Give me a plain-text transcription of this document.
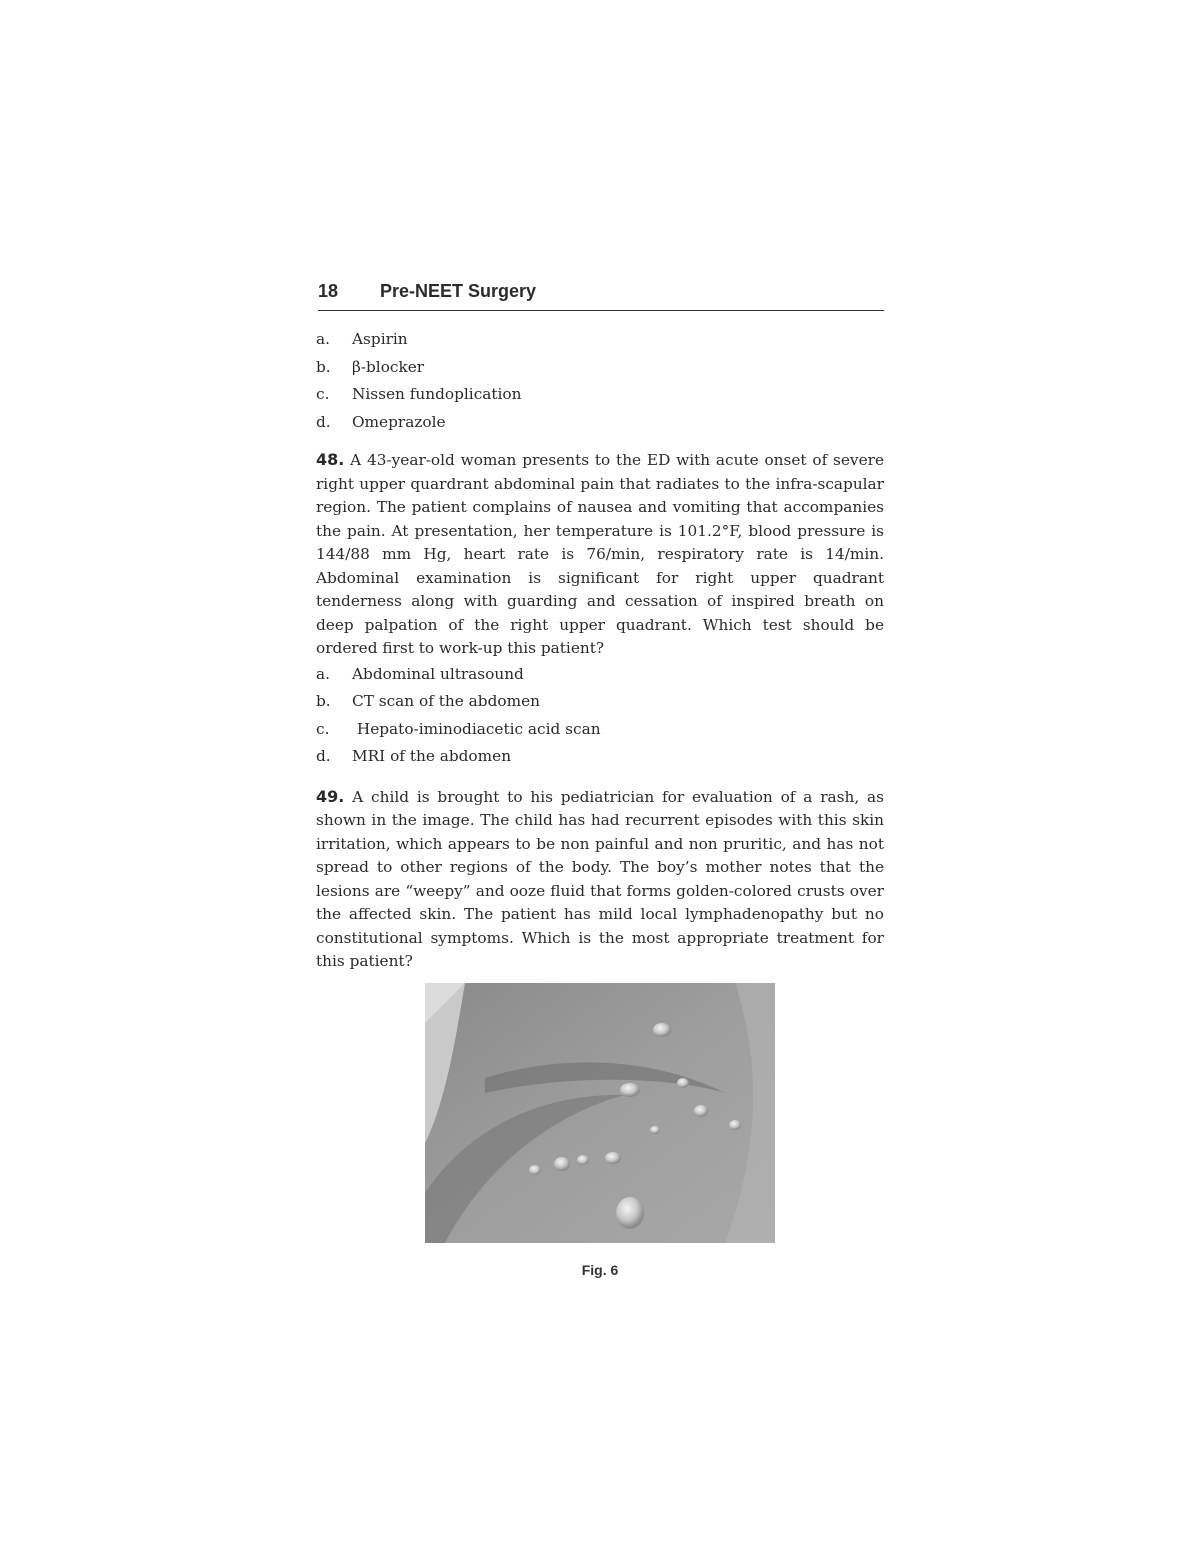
18 Pre-NEET Surgery
a.	Aspirin
b.	β-blocker
c.	Nissen fundoplication
d.	Omeprazole

48. A 43-year-old woman presents to the ED with acute onset of severe right upper quardrant abdominal pain that radiates to the infra-scapular region. The patient complains of nausea and vomiting that accompanies the pain. At presentation, her temperature is 101.2°F, blood pressure is 144/88 mm Hg, heart rate is 76/min, respiratory rate is 14/min. Abdominal examination is significant for right upper quadrant tenderness along with guarding and cessation of inspired breath on deep palpation of the right upper quadrant. Which test should be ordered first to work-up this patient?

a.	Abdominal ultrasound
b.	CT scan of the abdomen
c.	Hepato-iminodiacetic acid scan
d.	MRI of the abdomen

49. A child is brought to his pediatrician for evaluation of a rash, as shown in the image. The child has had recurrent episodes with this skin irritation, which appears to be non painful and non pruritic, and has not spread to other regions of the body. The boy’s mother notes that the lesions are “weepy” and ooze fluid that forms golden-colored crusts over the affected skin. The patient has mild local lymphadenopathy but no constitutional symptoms. Which is the most appropriate treatment for this patient?

Fig. 6
